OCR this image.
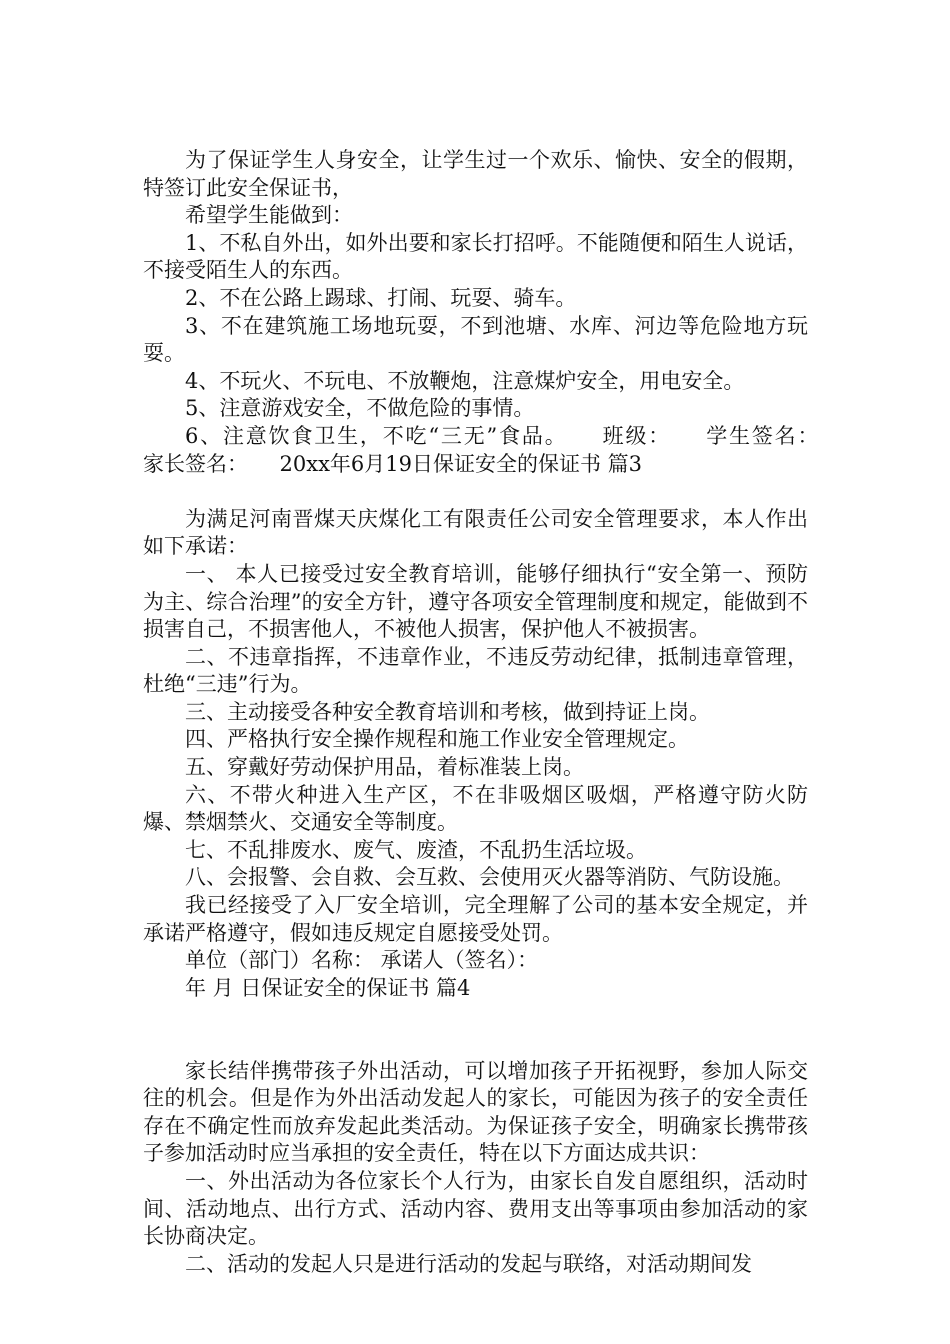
为了保证学生人身安全，让学生过一个欢乐、愉快、安全的假期，特签订此安全保证书，

希望学生能做到：

1、不私自外出，如外出要和家长打招呼。不能随便和陌生人说话，不接受陌生人的东西。

2、不在公路上踢球、打闹、玩耍、骑车。

3、不在建筑施工场地玩耍，不到池塘、水库、河边等危险地方玩耍。

4、不玩火、不玩电、不放鞭炮，注意煤炉安全，用电安全。

5、注意游戏安全，不做危险的事情。

6、注意饮食卫生，不吃“三无”食品。　　班级：　　学生签名：　　家长签名：　　20xx年6月19日保证安全的保证书 篇3

为满足河南晋煤天庆煤化工有限责任公司安全管理要求，本人作出如下承诺：

一、 本人已接受过安全教育培训，能够仔细执行“安全第一、预防为主、综合治理”的安全方针，遵守各项安全管理制度和规定，能做到不损害自己，不损害他人，不被他人损害，保护他人不被损害。

二、不违章指挥，不违章作业，不违反劳动纪律，抵制违章管理，杜绝“三违”行为。

三、主动接受各种安全教育培训和考核，做到持证上岗。

四、严格执行安全操作规程和施工作业安全管理规定。

五、穿戴好劳动保护用品，着标准装上岗。

六、不带火种进入生产区，不在非吸烟区吸烟，严格遵守防火防爆、禁烟禁火、交通安全等制度。

七、不乱排废水、废气、废渣，不乱扔生活垃圾。

八、会报警、会自救、会互救、会使用灭火器等消防、气防设施。

我已经接受了入厂安全培训，完全理解了公司的基本安全规定，并承诺严格遵守，假如违反规定自愿接受处罚。

单位（部门）名称： 承诺人（签名）：

年 月 日保证安全的保证书 篇4

家长结伴携带孩子外出活动，可以增加孩子开拓视野，参加人际交往的机会。但是作为外出活动发起人的家长，可能因为孩子的安全责任存在不确定性而放弃发起此类活动。为保证孩子安全，明确家长携带孩子参加活动时应当承担的安全责任，特在以下方面达成共识：

一、外出活动为各位家长个人行为，由家长自发自愿组织，活动时间、活动地点、出行方式、活动内容、费用支出等事项由参加活动的家长协商决定。

二、活动的发起人只是进行活动的发起与联络，对活动期间发
